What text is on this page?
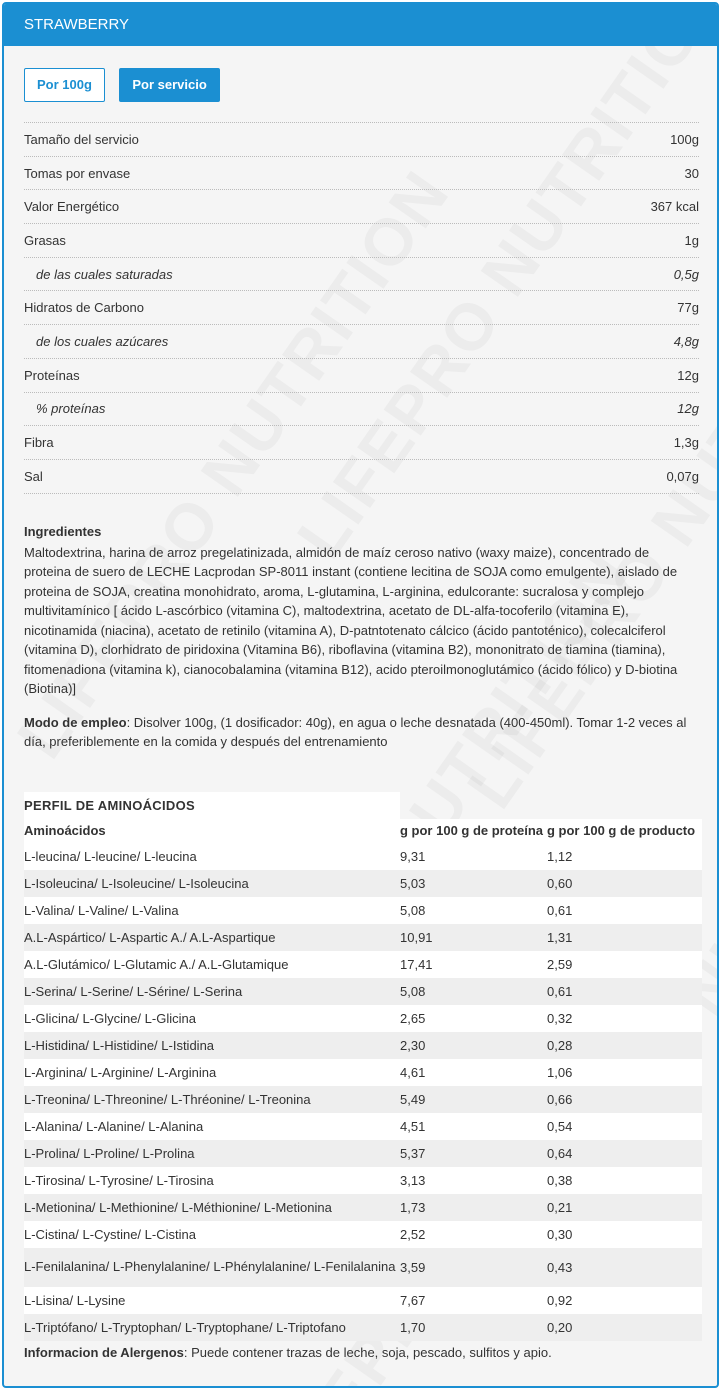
STRAWBERRY
Por 100g	Por servicio
Tamaño del servicio	100g
Tomas por envase	30
Valor Energético	367 kcal
Grasas	1g
de las cuales saturadas	0,5g
Hidratos de Carbono	77g
de los cuales azúcares	4,8g
Proteínas	12g
% proteínas	12g
Fibra	1,3g
Sal	0,07g
Ingredientes
Maltodextrina, harina de arroz pregelatinizada, almidón de maíz ceroso nativo (waxy maize), concentrado de proteina de suero de LECHE Lacprodan SP-8011 instant (contiene lecitina de SOJA como emulgente), aislado de proteina de SOJA, creatina monohidrato, aroma, L-glutamina, L-arginina, edulcorante: sucralosa y complejo multivitamínico [ ácido L-ascórbico (vitamina C), maltodextrina, acetato de DL-alfa-tocoferilo (vitamina E), nicotinamida (niacina), acetato de retinilo (vitamina A), D-patntotenato cálcico (ácido pantoténico), colecalciferol (vitamina D), clorhidrato de piridoxina (Vitamina B6), riboflavina (vitamina B2), mononitrato de tiamina (tiamina), fitomenadiona (vitamina k), cianocobalamina (vitamina B12), acido pteroilmonoglutámico (ácido fólico) y D-biotina (Biotina)]
Modo de empleo: Disolver 100g, (1 dosificador: 40g), en agua o leche desnatada (400-450ml). Tomar 1-2 veces al día, preferiblemente en la comida y después del entrenamiento
PERFIL DE AMINOÁCIDOS		
Aminoácidos	g por 100 g de proteína	g por 100 g de producto
L-leucina/ L-leucine/ L-leucina	9,31	1,12
L-Isoleucina/ L-Isoleucine/ L-Isoleucina	5,03	0,60
L-Valina/ L-Valine/ L-Valina	5,08	0,61
A.L-Aspártico/ L-Aspartic A./ A.L-Aspartique	10,91	1,31
A.L-Glutámico/ L-Glutamic A./ A.L-Glutamique	17,41	2,59
L-Serina/ L-Serine/ L-Sérine/ L-Serina	5,08	0,61
L-Glicina/ L-Glycine/ L-Glicina	2,65	0,32
L-Histidina/ L-Histidine/ L-Istidina	2,30	0,28
L-Arginina/ L-Arginine/ L-Arginina	4,61	1,06
L-Treonina/ L-Threonine/ L-Thréonine/ L-Treonina	5,49	0,66
L-Alanina/ L-Alanine/ L-Alanina	4,51	0,54
L-Prolina/ L-Proline/ L-Prolina	5,37	0,64
L-Tirosina/ L-Tyrosine/ L-Tirosina	3,13	0,38
L-Metionina/ L-Methionine/ L-Méthionine/ L-Metionina	1,73	0,21
L-Cistina/ L-Cystine/ L-Cistina	2,52	0,30
L-Fenilalanina/ L-Phenylalanine/ L-Phénylalanine/ L-Fenilalanina	3,59	0,43
L-Lisina/ L-Lysine	7,67	0,92
L-Triptófano/ L-Tryptophan/ L-Tryptophane/ L-Triptofano	1,70	0,20
Informacion de Alergenos: Puede contener trazas de leche, soja, pescado, sulfitos y apio.
